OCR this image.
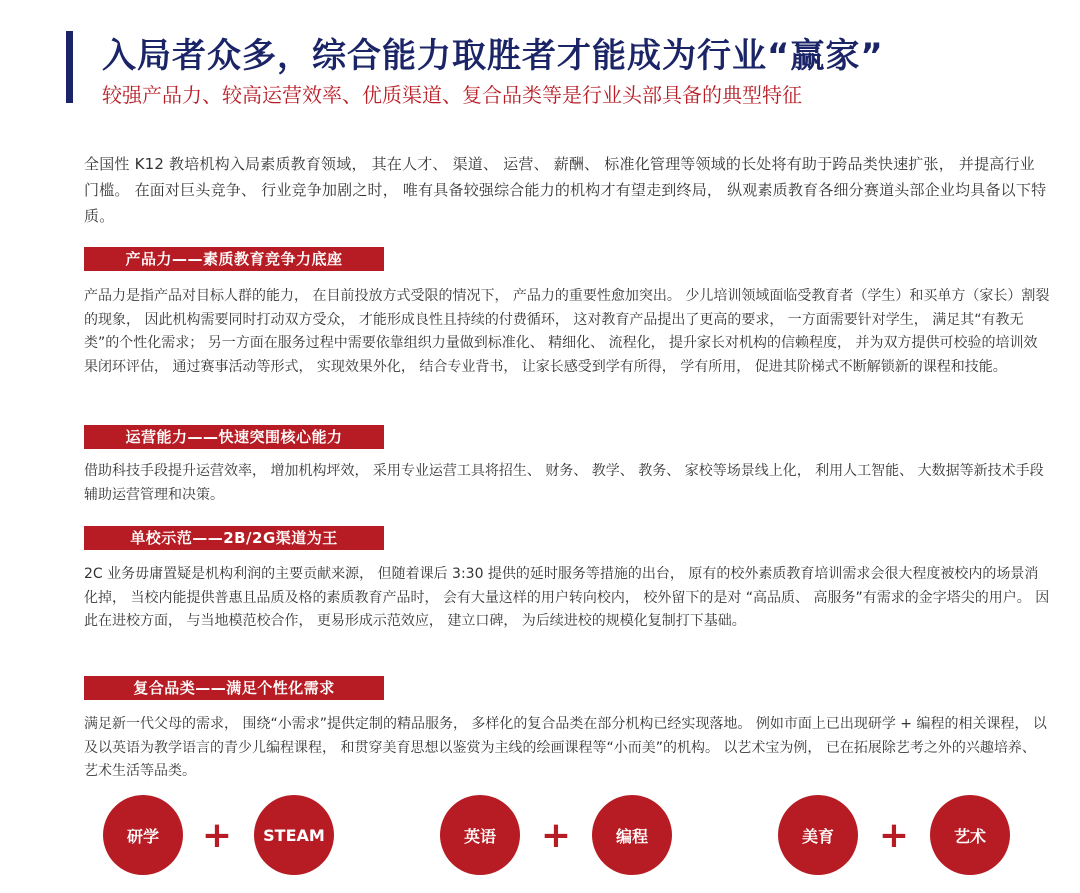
入局者众多，综合能力取胜者才能成为行业“赢家”
较强产品力、较高运营效率、优质渠道、复合品类等是行业头部具备的典型特征
全国性 K12 教培机构入局素质教育领域， 其在人才、 渠道、 运营、 薪酬、 标准化管理等领域的长处将有助于跨品类快速扩张， 并提高行业门槛。 在面对巨头竞争、 行业竞争加剧之时， 唯有具备较强综合能力的机构才有望走到终局， 纵观素质教育各细分赛道头部企业均具备以下特质。
产品力——素质教育竞争力底座
产品力是指产品对目标人群的能力， 在目前投放方式受限的情况下， 产品力的重要性愈加突出。 少儿培训领域面临受教育者（学生）和买单方（家长）割裂的现象， 因此机构需要同时打动双方受众， 才能形成良性且持续的付费循环， 这对教育产品提出了更高的要求， 一方面需要针对学生， 满足其“有教无类”的个性化需求； 另一方面在服务过程中需要依靠组织力量做到标准化、 精细化、 流程化， 提升家长对机构的信赖程度， 并为双方提供可校验的培训效果闭环评估， 通过赛事活动等形式， 实现效果外化， 结合专业背书， 让家长感受到学有所得， 学有所用， 促进其阶梯式不断解锁新的课程和技能。
运营能力——快速突围核心能力
借助科技手段提升运营效率， 增加机构坪效， 采用专业运营工具将招生、 财务、 教学、 教务、 家校等场景线上化， 利用人工智能、 大数据等新技术手段辅助运营管理和决策。
单校示范——2B/2G渠道为王
2C 业务毋庸置疑是机构利润的主要贡献来源， 但随着课后 3:30 提供的延时服务等措施的出台， 原有的校外素质教育培训需求会很大程度被校内的场景消化掉， 当校内能提供普惠且品质及格的素质教育产品时， 会有大量这样的用户转向校内， 校外留下的是对 “高品质、 高服务”有需求的金字塔尖的用户。 因此在进校方面， 与当地模范校合作， 更易形成示范效应， 建立口碑， 为后续进校的规模化复制打下基础。
复合品类——满足个性化需求
满足新一代父母的需求， 围绕“小需求”提供定制的精品服务， 多样化的复合品类在部分机构已经实现落地。 例如市面上已出现研学 + 编程的相关课程， 以及以英语为教学语言的青少儿编程课程， 和贯穿美育思想以鉴赏为主线的绘画课程等“小而美”的机构。 以艺术宝为例， 已在拓展除艺考之外的兴趣培养、 艺术生活等品类。
研学	+	STEAM	英语	+	编程	美育	+	艺术
